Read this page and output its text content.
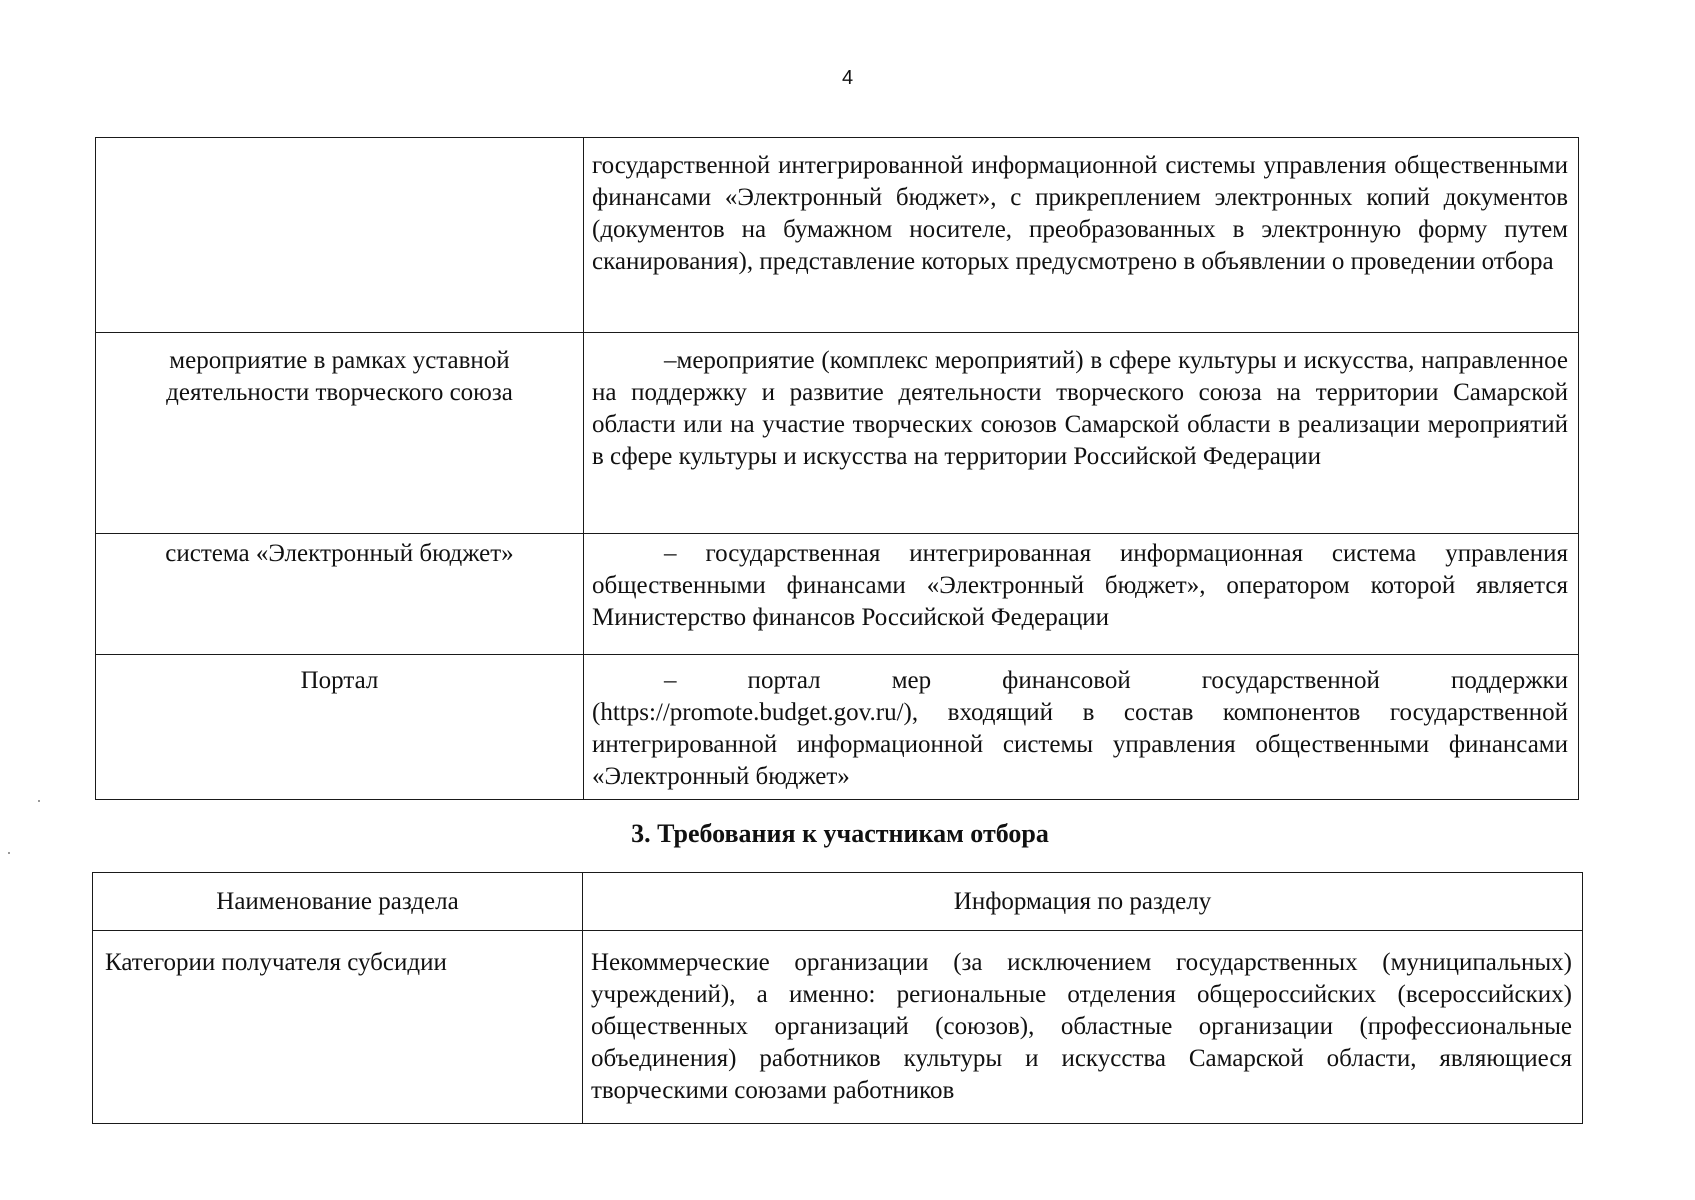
4

	государственной интегрированной информационной системы управления общественными финансами «Электронный бюджет», с прикреплением электронных копий документов (документов на бумажном носителе, преобразованных в электронную форму путем сканирования), представление которых предусмотрено в объявлении о проведении отбора

мероприятие в рамках уставной деятельности творческого союза	–мероприятие (комплекс мероприятий) в сфере культуры и искусства, направленное на поддержку и развитие деятельности творческого союза на территории Самарской области или на участие творческих союзов Самарской области в реализации мероприятий в сфере культуры и искусства на территории Российской Федерации

система «Электронный бюджет»	– государственная интегрированная информационная система управления общественными финансами «Электронный бюджет», оператором которой является Министерство финансов Российской Федерации

Портал	– портал мер финансовой государственной поддержки (https://promote.budget.gov.ru/), входящий в состав компонентов государственной интегрированной информационной системы управления общественными финансами «Электронный бюджет»
3. Требования к участникам отбора
Наименование раздела	Информация по разделу

Категории получателя субсидии	Некоммерческие организации (за исключением государственных (муниципальных) учреждений), а именно: региональные отделения общероссийских (всероссийских) общественных организаций (союзов), областные организации (профессиональные объединения) работников культуры и искусства Самарской области, являющиеся творческими союзами работников
